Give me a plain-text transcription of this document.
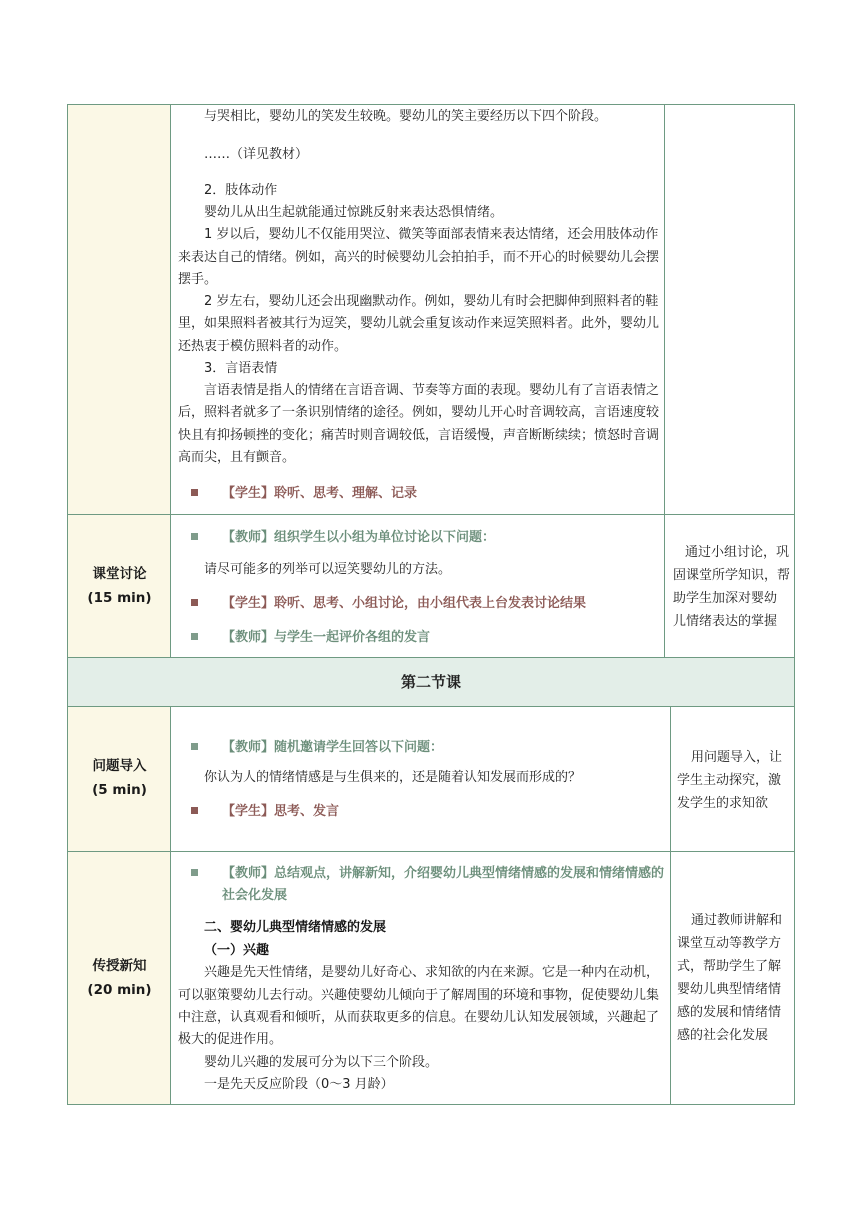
与哭相比，婴幼儿的笑发生较晚。婴幼儿的笑主要经历以下四个阶段。
……（详见教材）
2．肢体动作
婴幼儿从出生起就能通过惊跳反射来表达恐惧情绪。
1 岁以后，婴幼儿不仅能用哭泣、微笑等面部表情来表达情绪，还会用肢体动作
来表达自己的情绪。例如，高兴的时候婴幼儿会拍拍手，而不开心的时候婴幼儿会摆
摆手。
2 岁左右，婴幼儿还会出现幽默动作。例如，婴幼儿有时会把脚伸到照料者的鞋
里，如果照料者被其行为逗笑，婴幼儿就会重复该动作来逗笑照料者。此外，婴幼儿
还热衷于模仿照料者的动作。
3．言语表情
言语表情是指人的情绪在言语音调、节奏等方面的表现。婴幼儿有了言语表情之
后，照料者就多了一条识别情绪的途径。例如，婴幼儿开心时音调较高，言语速度较
快且有抑扬顿挫的变化；痛苦时则音调较低，言语缓慢，声音断断续续；愤怒时音调
高而尖，且有颤音。
【学生】聆听、思考、理解、记录
课堂讨论
(15 min)
【教师】组织学生以小组为单位讨论以下问题：
请尽可能多的列举可以逗笑婴幼儿的方法。
【学生】聆听、思考、小组讨论，由小组代表上台发表讨论结果
【教师】与学生一起评价各组的发言
通过小组讨论，巩
固课堂所学知识，帮
助学生加深对婴幼
儿情绪表达的掌握
第二节课
问题导入
(5 min)
【教师】随机邀请学生回答以下问题：
你认为人的情绪情感是与生俱来的，还是随着认知发展而形成的？
【学生】思考、发言
用问题导入，让
学生主动探究，激
发学生的求知欲
传授新知
(20 min)
【教师】总结观点，讲解新知，介绍婴幼儿典型情绪情感的发展和情绪情感的
社会化发展
二、婴幼儿典型情绪情感的发展
（一）兴趣
兴趣是先天性情绪，是婴幼儿好奇心、求知欲的内在来源。它是一种内在动机，
可以驱策婴幼儿去行动。兴趣使婴幼儿倾向于了解周围的环境和事物，促使婴幼儿集
中注意，认真观看和倾听，从而获取更多的信息。在婴幼儿认知发展领域，兴趣起了
极大的促进作用。
婴幼儿兴趣的发展可分为以下三个阶段。
一是先天反应阶段（0～3 月龄）
通过教师讲解和
课堂互动等教学方
式，帮助学生了解
婴幼儿典型情绪情
感的发展和情绪情
感的社会化发展
